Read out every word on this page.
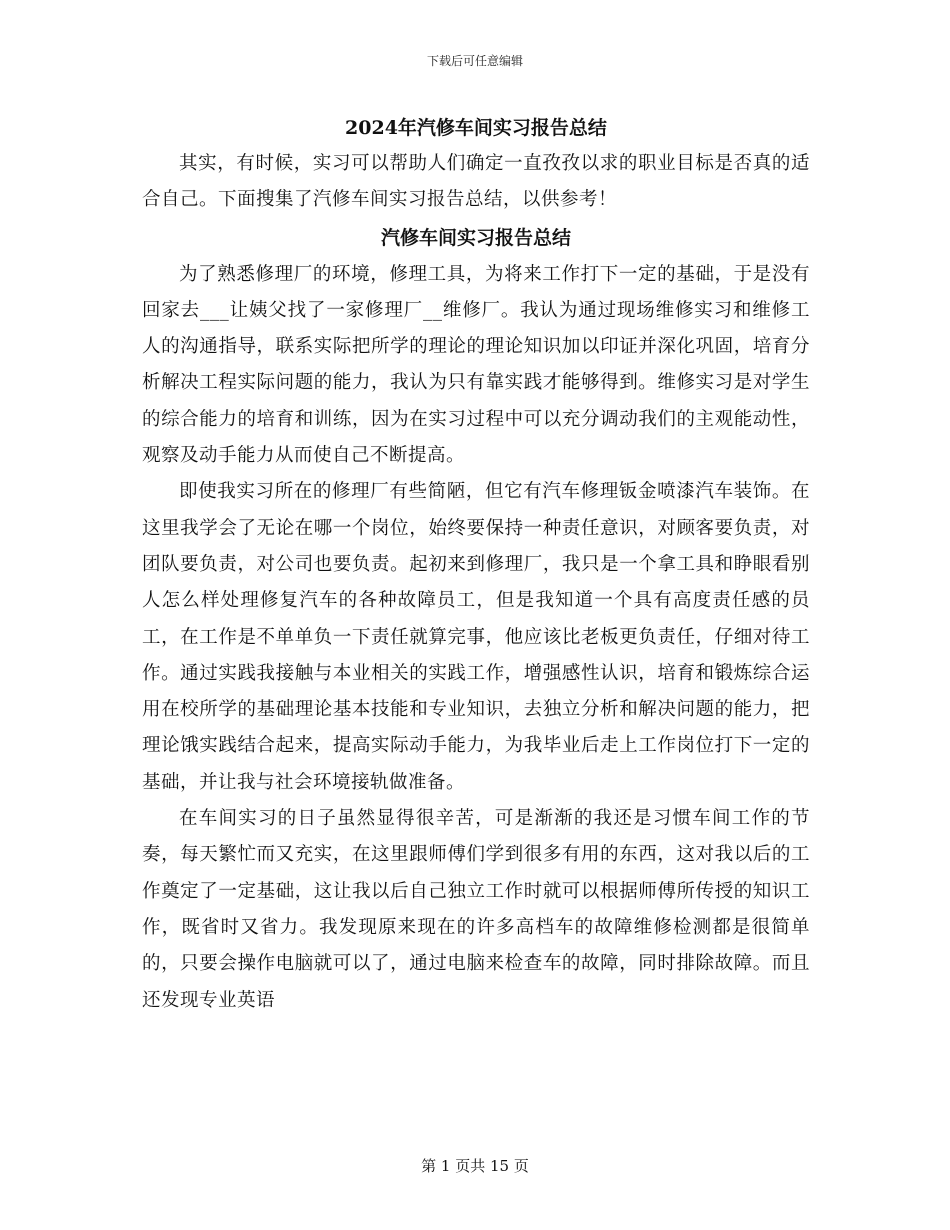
下载后可任意编辑
2024年汽修车间实习报告总结

其实，有时候，实习可以帮助人们确定一直孜孜以求的职业目标是否真的适合自己。下面搜集了汽修车间实习报告总结，以供参考！

汽修车间实习报告总结

为了熟悉修理厂的环境，修理工具，为将来工作打下一定的基础，于是没有回家去___让姨父找了一家修理厂__维修厂。我认为通过现场维修实习和维修工人的沟通指导，联系实际把所学的理论的理论知识加以印证并深化巩固，培育分析解决工程实际问题的能力，我认为只有靠实践才能够得到。维修实习是对学生的综合能力的培育和训练，因为在实习过程中可以充分调动我们的主观能动性，观察及动手能力从而使自己不断提高。

即使我实习所在的修理厂有些简陋，但它有汽车修理钣金喷漆汽车装饰。在这里我学会了无论在哪一个岗位，始终要保持一种责任意识，对顾客要负责，对团队要负责，对公司也要负责。起初来到修理厂，我只是一个拿工具和睁眼看别人怎么样处理修复汽车的各种故障员工，但是我知道一个具有高度责任感的员工，在工作是不单单负一下责任就算完事，他应该比老板更负责任，仔细对待工作。通过实践我接触与本业相关的实践工作，增强感性认识，培育和锻炼综合运用在校所学的基础理论基本技能和专业知识，去独立分析和解决问题的能力，把理论饿实践结合起来，提高实际动手能力，为我毕业后走上工作岗位打下一定的基础，并让我与社会环境接轨做准备。

在车间实习的日子虽然显得很辛苦，可是渐渐的我还是习惯车间工作的节奏，每天繁忙而又充实，在这里跟师傅们学到很多有用的东西，这对我以后的工作奠定了一定基础，这让我以后自己独立工作时就可以根据师傅所传授的知识工作，既省时又省力。我发现原来现在的许多高档车的故障维修检测都是很简单的，只要会操作电脑就可以了，通过电脑来检查车的故障，同时排除故障。而且还发现专业英语

第 1 页共 15 页
